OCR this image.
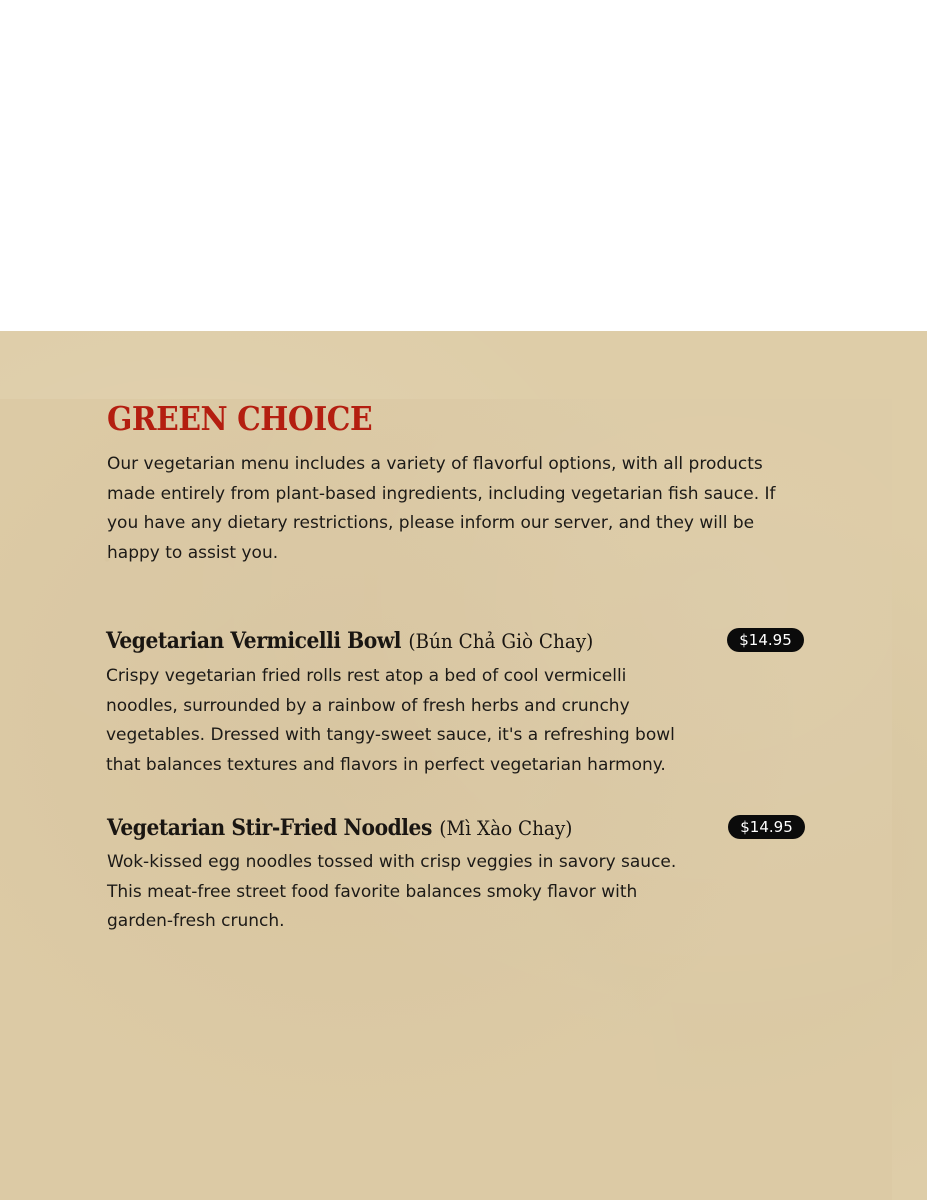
GREEN CHOICE

Our vegetarian menu includes a variety of flavorful options, with all products made entirely from plant-based ingredients, including vegetarian fish sauce. If you have any dietary restrictions, please inform our server, and they will be happy to assist you.

Vegetarian Vermicelli Bowl (Bún Chả Giò Chay)	$14.95

Crispy vegetarian fried rolls rest atop a bed of cool vermicelli noodles, surrounded by a rainbow of fresh herbs and crunchy vegetables. Dressed with tangy-sweet sauce, it's a refreshing bowl that balances textures and flavors in perfect vegetarian harmony.

Vegetarian Stir-Fried Noodles (Mì Xào Chay)	$14.95

Wok-kissed egg noodles tossed with crisp veggies in savory sauce. This meat-free street food favorite balances smoky flavor with garden-fresh crunch.
